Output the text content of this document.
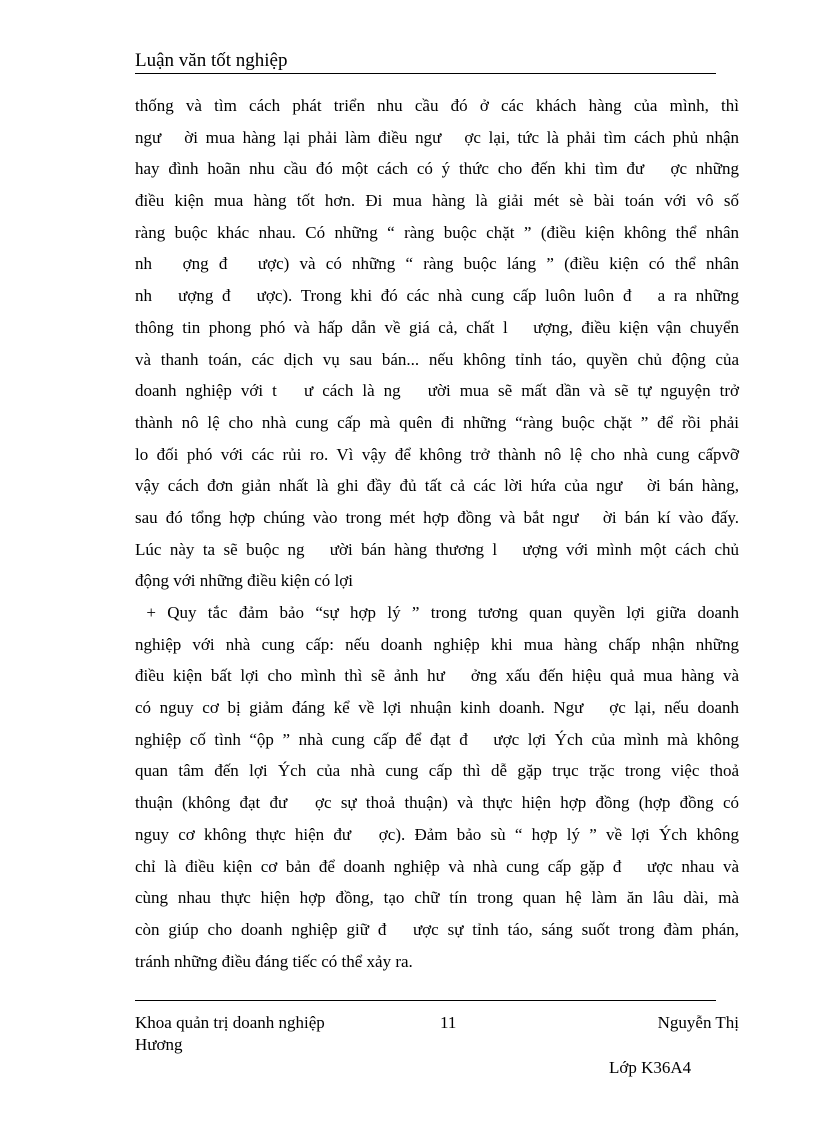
Luận văn tốt nghiệp
thống và tìm cách phát triển nhu cầu đó ở các khách hàng của mình, thì
ngư   ời mua hàng lại phải làm điều ngư   ợc lại, tức là phải tìm cách phủ nhận
hay đình hoãn nhu cầu đó một cách có ý thức cho đến khi tìm đư   ợc những
điều kiện mua hàng tốt hơn. Đi mua hàng là giải mét sè bài toán với vô số
ràng buộc khác nhau. Có những “ ràng buộc chặt ” (điều kiện không thể nhân
nh   ợng đ   ược) và có những “ ràng buộc láng ” (điều kiện có thể nhân
nh   ượng đ   ược). Trong khi đó các nhà cung cấp luôn luôn đ   a ra những
thông tin phong phó và hấp dẫn về giá cả, chất l   ượng, điều kiện vận chuyển
và thanh toán, các dịch vụ sau bán... nếu không tỉnh táo, quyền chủ động của
doanh nghiệp với t   ư cách là ng   ười mua sẽ mất dần và sẽ tự nguyện trở
thành nô lệ cho nhà cung cấp mà quên đi những “ràng buộc chặt ” để rồi phải
lo đối phó với các rủi ro. Vì vậy để không trở thành nô lệ cho nhà cung cấpvỡ
vậy cách đơn giản nhất là ghi đầy đủ tất cả các lời hứa của ngư   ời bán hàng,
sau đó tổng hợp chúng vào trong mét hợp đồng và bắt ngư   ời bán kí vào đấy.
Lúc này ta sẽ buộc ng   ười bán hàng thương l   ượng với mình một cách chủ
động với những điều kiện có lợi
+ Quy tắc đảm bảo “sự hợp lý ” trong tương quan quyền lợi giữa doanh
nghiệp với nhà cung cấp: nếu doanh nghiệp khi mua hàng chấp nhận những
điều kiện bất lợi cho mình thì sẽ ảnh hư   ởng xấu đến hiệu quả mua hàng và
có nguy cơ bị giảm đáng kể về lợi nhuận kinh doanh. Ngư   ợc lại, nếu doanh
nghiệp cố tình “ộp ” nhà cung cấp để đạt đ   ược lợi Ých của mình mà không
quan tâm đến lợi Ých của nhà cung cấp thì dễ gặp trục trặc trong việc thoả
thuận (không đạt đư   ợc sự thoả thuận) và thực hiện hợp đồng (hợp đồng có
nguy cơ không thực hiện đư   ợc). Đảm bảo sù “ hợp lý ” về lợi Ých không
chỉ là điều kiện cơ bản để doanh nghiệp và nhà cung cấp gặp đ   ược nhau và
cùng nhau thực hiện hợp đồng, tạo chữ tín trong quan hệ làm ăn lâu dài, mà
còn giúp cho doanh nghiệp giữ đ   ược sự tỉnh táo, sáng suốt trong đàm phán,
tránh những điều đáng tiếc có thể xảy ra.
Khoa quản trị doanh nghiệp
Hương
11	Nguyễn Thị
Lớp K36A4
